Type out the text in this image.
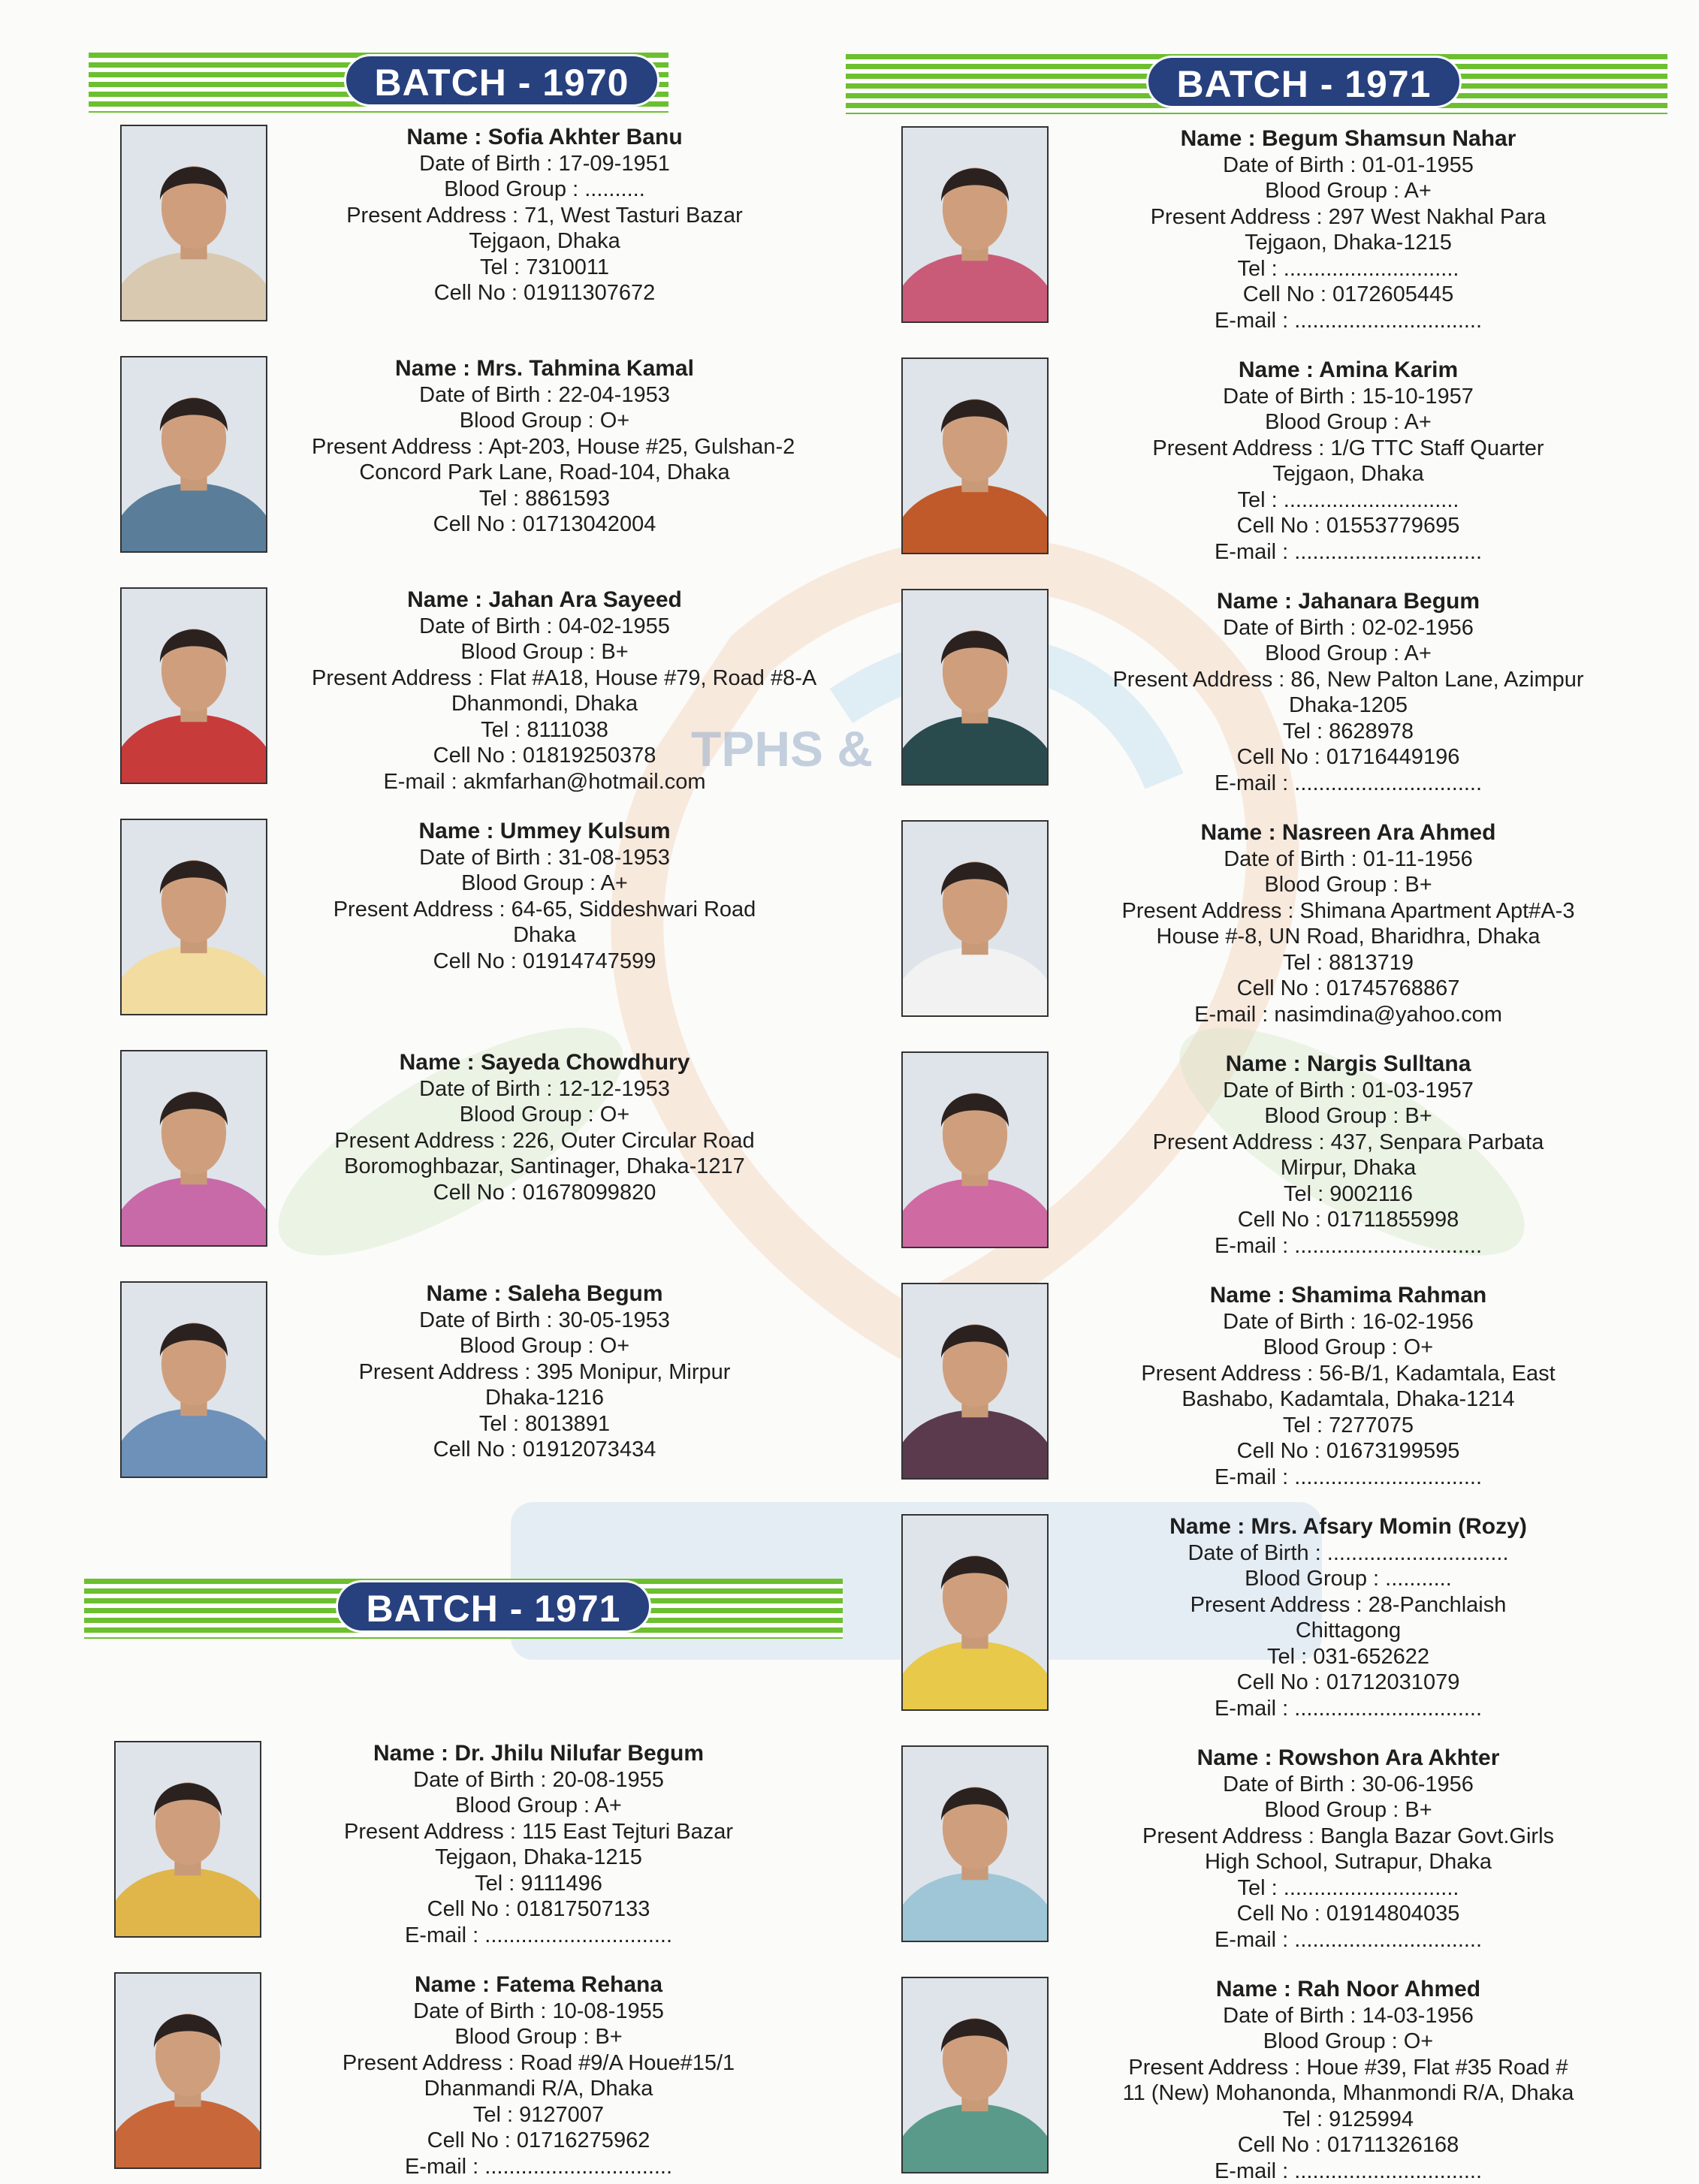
TPHS &
BATCH - 1970	BATCH - 1971
BATCH - 1971
Name : Sofia Akhter Banu
Date of Birth : 17-09-1951
Blood Group : ..........
Present Address : 71, West Tasturi Bazar
Tejgaon, Dhaka
Tel : 7310011
Cell No : 01911307672
Name : Mrs. Tahmina Kamal
Date of Birth : 22-04-1953
Blood Group : O+
Present Address : Apt-203, House #25, Gulshan-2
Concord Park Lane, Road-104, Dhaka
Tel : 8861593
Cell No : 01713042004
Name : Jahan Ara Sayeed
Date of Birth : 04-02-1955
Blood Group : B+
Present Address : Flat #A18, House #79, Road #8-A
Dhanmondi, Dhaka
Tel : 8111038
Cell No : 01819250378
E-mail : akmfarhan@hotmail.com
Name : Ummey Kulsum
Date of Birth : 31-08-1953
Blood Group : A+
Present Address : 64-65, Siddeshwari Road
Dhaka
Cell No : 01914747599
Name : Sayeda Chowdhury
Date of Birth : 12-12-1953
Blood Group : O+
Present Address : 226, Outer Circular Road
Boromoghbazar, Santinager, Dhaka-1217
Cell No : 01678099820
Name : Saleha Begum
Date of Birth : 30-05-1953
Blood Group : O+
Present Address : 395 Monipur, Mirpur
Dhaka-1216
Tel : 8013891
Cell No : 01912073434
Name : Dr. Jhilu Nilufar Begum
Date of Birth : 20-08-1955
Blood Group : A+
Present Address : 115 East Tejturi Bazar
Tejgaon, Dhaka-1215
Tel : 9111496
Cell No : 01817507133
E-mail : ...............................
Name : Fatema Rehana
Date of Birth : 10-08-1955
Blood Group : B+
Present Address : Road #9/A Houe#15/1
Dhanmandi R/A, Dhaka
Tel : 9127007
Cell No : 01716275962
E-mail : ...............................
Name : Begum Shamsun Nahar
Date of Birth : 01-01-1955
Blood Group : A+
Present Address : 297 West Nakhal Para
Tejgaon, Dhaka-1215
Tel : .............................
Cell No : 0172605445
E-mail : ...............................
Name : Amina Karim
Date of Birth : 15-10-1957
Blood Group : A+
Present Address : 1/G TTC Staff Quarter
Tejgaon, Dhaka
Tel : .............................
Cell No : 01553779695
E-mail : ...............................
Name : Jahanara Begum
Date of Birth : 02-02-1956
Blood Group : A+
Present Address : 86, New Palton Lane, Azimpur
Dhaka-1205
Tel : 8628978
Cell No : 01716449196
E-mail : ...............................
Name : Nasreen Ara Ahmed
Date of Birth : 01-11-1956
Blood Group : B+
Present Address : Shimana Apartment Apt#A-3
House #-8, UN Road, Bharidhra, Dhaka
Tel : 8813719
Cell No : 01745768867
E-mail : nasimdina@yahoo.com
Name : Nargis Sulltana
Date of Birth : 01-03-1957
Blood Group : B+
Present Address : 437, Senpara Parbata
Mirpur, Dhaka
Tel : 9002116
Cell No : 01711855998
E-mail : ...............................
Name : Shamima Rahman
Date of Birth : 16-02-1956
Blood Group : O+
Present Address : 56-B/1, Kadamtala, East
Bashabo, Kadamtala, Dhaka-1214
Tel : 7277075
Cell No : 01673199595
E-mail : ...............................
Name : Mrs. Afsary Momin (Rozy)
Date of Birth : ..............................
Blood Group : ...........
Present Address : 28-Panchlaish
Chittagong
Tel : 031-652622
Cell No : 01712031079
E-mail : ...............................
Name : Rowshon Ara Akhter
Date of Birth : 30-06-1956
Blood Group : B+
Present Address : Bangla Bazar Govt.Girls
High School, Sutrapur, Dhaka
Tel : .............................
Cell No : 01914804035
E-mail : ...............................
Name : Rah Noor Ahmed
Date of Birth : 14-03-1956
Blood Group : O+
Present Address : Houe #39, Flat #35 Road #
11 (New) Mohanonda, Mhanmondi R/A, Dhaka
Tel : 9125994
Cell No : 01711326168
E-mail : ...............................
